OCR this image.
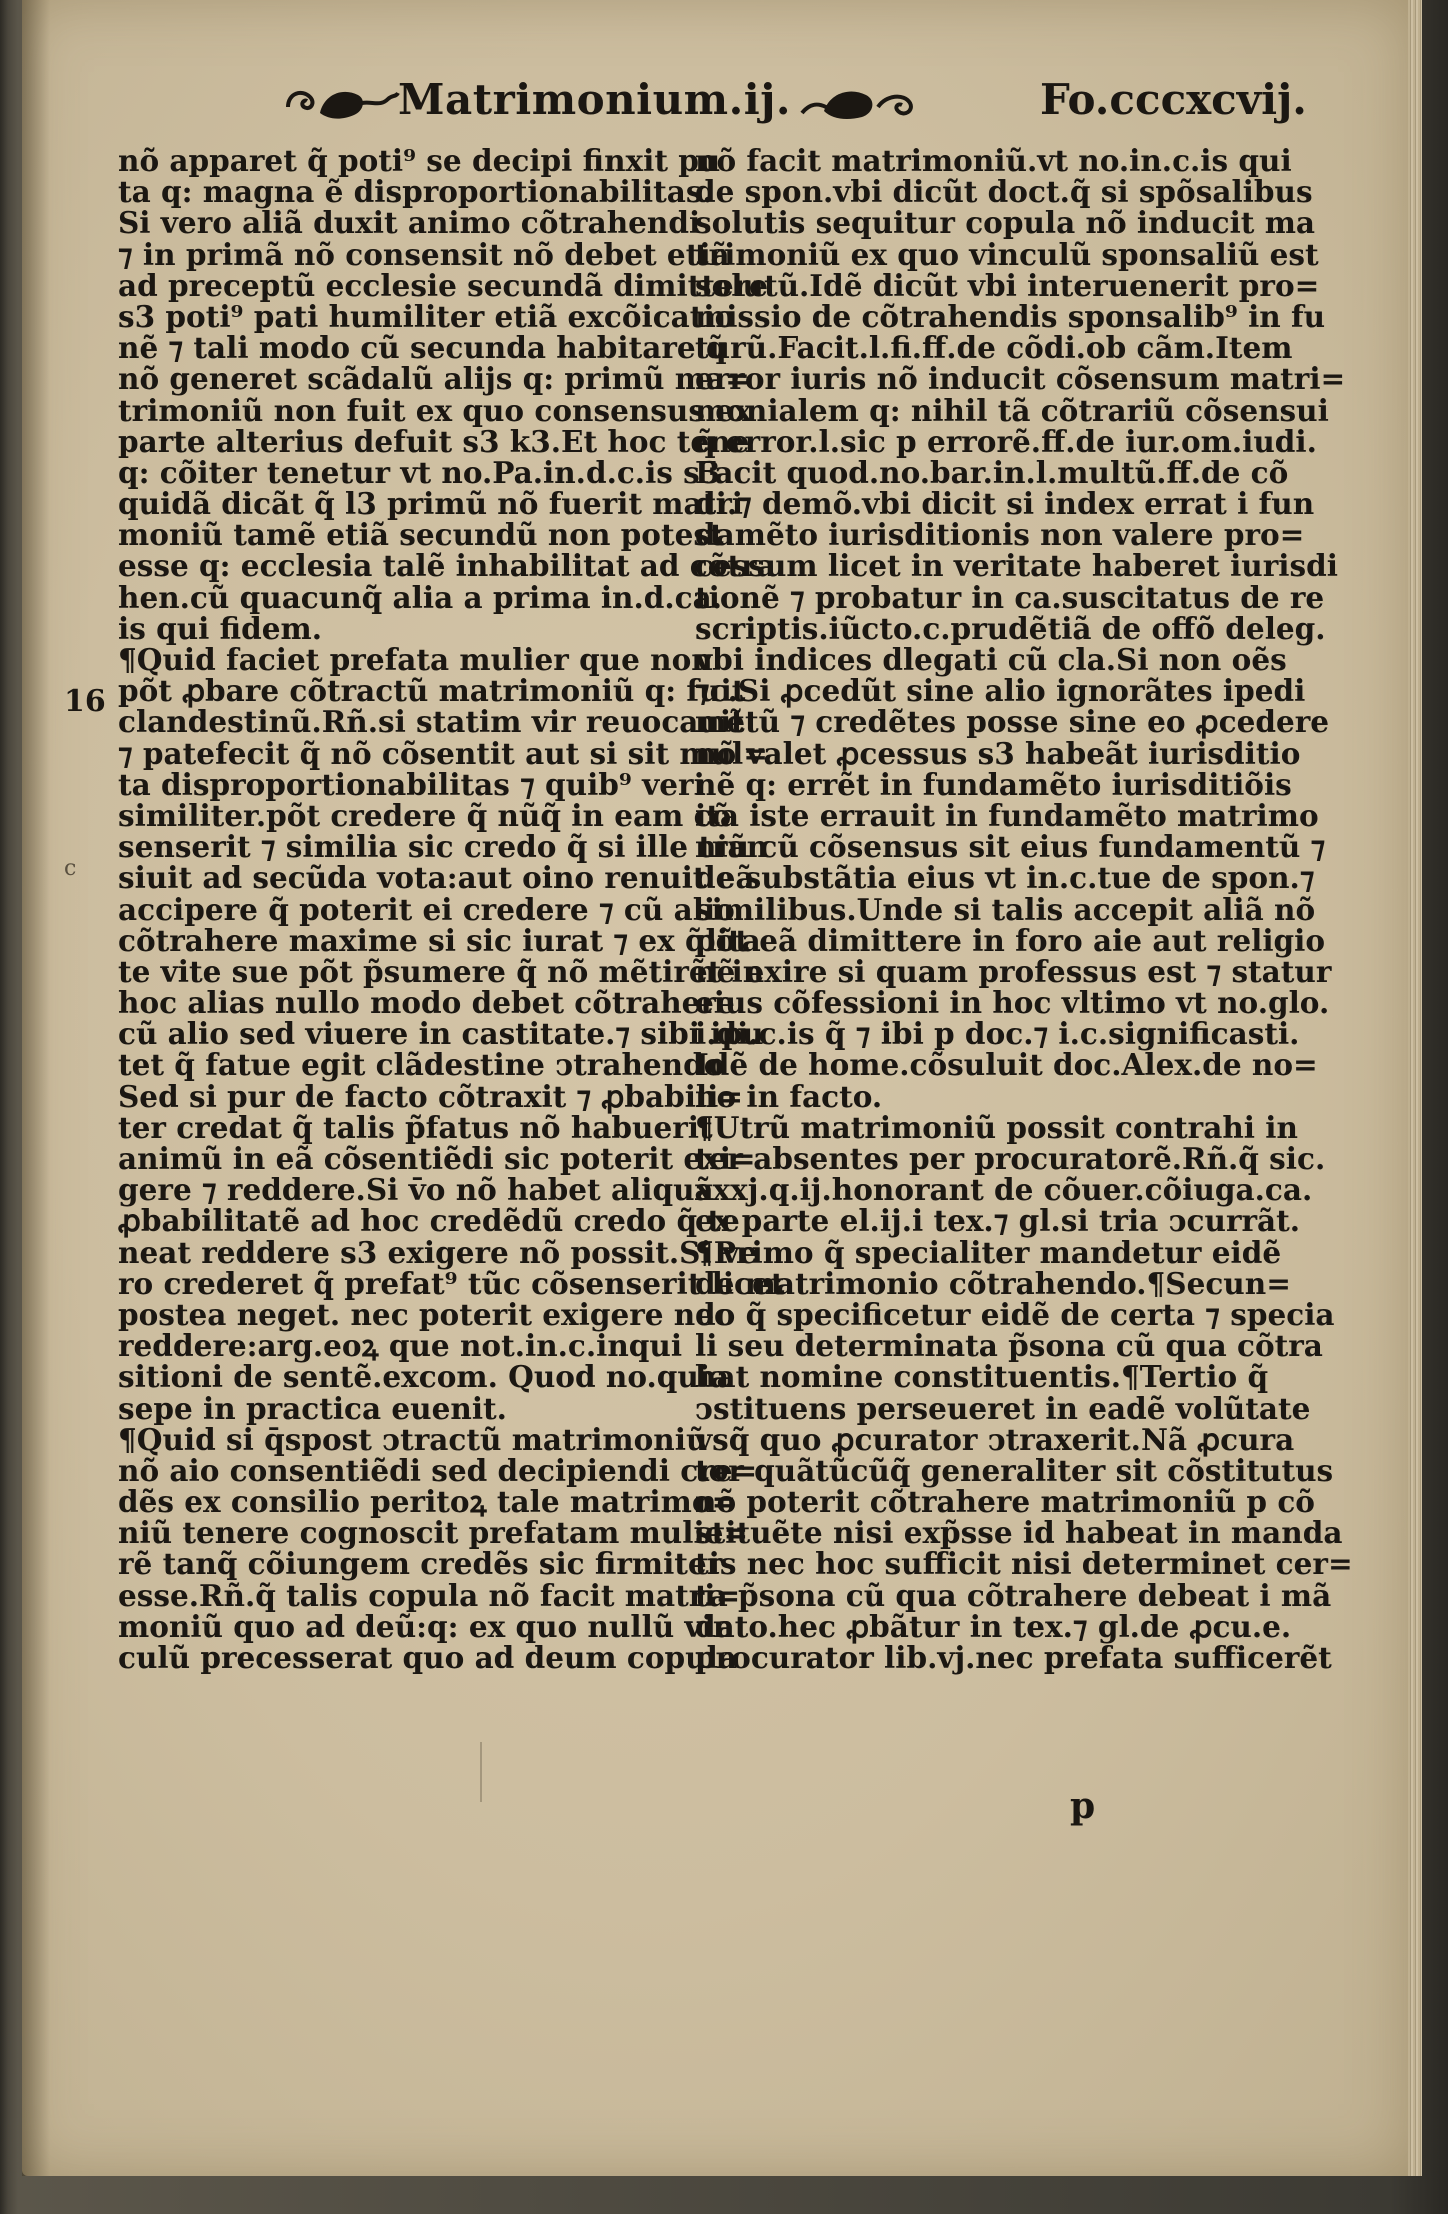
Matrimonium.ij.	Fo.cccxcvij.
16
c
nõ apparet q̃ poti⁹ se decipi finxit pu
ta q: magna ẽ disproportionabilitas.
Si vero aliã duxit animo cõtrahendi
⁊ in primã nõ consensit nõ debet etiã
ad preceptũ ecclesie secundã dimittere
s3 poti⁹ pati humiliter etiã excõicatio
nẽ ⁊ tali modo cũ secunda habitare q̃
nõ generet scãdalũ alijs q: primũ ma=
trimoniũ non fuit ex quo consensus ex
parte alterius defuit s3 k3.Et hoc tene
q: cõiter tenetur vt no.Pa.in.d.c.is s3
quidã dicãt q̃ l3 primũ nõ fuerit matri
moniũ tamẽ etiã secundũ non potest
esse q: ecclesia talẽ inhabilitat ad cõtra
hen.cũ quacunq̃ alia a prima in.d.ca.
is qui fidem.
¶Quid faciet prefata mulier que non
põt ꝓbare cõtractũ matrimoniũ q: fuit
clandestinũ.Rñ.si statim vir reuocauit
⁊ patefecit q̃ nõ cõsentit aut si sit mul=
ta disproportionabilitas ⁊ quib⁹ veri
similiter.põt credere q̃ nũq̃ in eam cõ
senserit ⁊ similia sic credo q̃ si ille tran
siuit ad secũda vota:aut oino renuit eã
accipere q̃ poterit ei credere ⁊ cũ alio
cõtrahere maxime si sic iurat ⁊ ex q̃lita
te vite sue põt p̃sumere q̃ nõ mẽtirẽt in
hoc alias nullo modo debet cõtrahere
cũ alio sed viuere in castitate.⁊ sibi ipu
tet q̃ fatue egit clãdestine ↄtrahendo
Sed si pur de facto cõtraxit ⁊ ꝓbabili=
ter credat q̃ talis p̃fatus nõ habuerit
animũ in eã cõsentiẽdi sic poterit exi=
gere ⁊ reddere.Si v̄o nõ habet aliquã
ꝓbabilitatẽ ad hoc credẽdũ credo q̃ te
neat reddere s3 exigere nõ possit.Si ve
ro crederet q̃ prefat⁹ tũc cõsenserit licet
postea neget. nec poterit exigere nec
reddere:arg.eoꝝ que not.in.c.inqui
sitioni de sentẽ.excom. Quod no.quia
sepe in practica euenit.
¶Quid si q̄spost ↄtractũ matrimoniũ
nõ aio consentiẽdi sed decipiendi cre=
dẽs ex consilio peritoꝝ tale matrimo=
niũ tenere cognoscit prefatam mulie=
rẽ tanq̃ cõiungem credẽs sic firmiter
esse.Rñ.q̃ talis copula nõ facit matri=
moniũ quo ad deũ:q: ex quo nullũ vin
culũ precesserat quo ad deum copula
nõ facit matrimoniũ.vt no.in.c.is qui
de spon.vbi dicũt doct.q̃ si spõsalibus
solutis sequitur copula nõ inducit ma
trimoniũ ex quo vinculũ sponsaliũ est
solutũ.Idẽ dicũt vbi interuenerit pro=
missio de cõtrahendis sponsalib⁹ in fu
turũ.Facit.l.fi.ff.de cõdi.ob cãm.Item
error iuris nõ inducit cõsensum matri=
monialem q: nihil tã cõtrariũ cõsensui
q̃ error.l.sic p errorẽ.ff.de iur.om.iudi.
Facit quod.no.bar.in.l.multũ.ff.de cõ
di.⁊ demõ.vbi dicit si index errat i fun
damẽto iurisditionis non valere pro=
cessum licet in veritate haberet iurisdi
tionẽ ⁊ probatur in ca.suscitatus de re
scriptis.iũcto.c.prudẽtiã de offõ deleg.
vbi indices dlegati cũ cla.Si non oẽs
⁊c.Si ꝓcedũt sine alio ignorãtes ipedi
mẽtũ ⁊ credẽtes posse sine eo ꝓcedere
nõ valet ꝓcessus s3 habeãt iurisditio
nẽ q: errẽt in fundamẽto iurisditiõis
ita iste errauit in fundamẽto matrimo
niũ cũ cõsensus sit eius fundamentũ ⁊
de substãtia eius vt in.c.tue de spon.⁊
similibus.Unde si talis accepit aliã nõ
põt eã dimittere in foro aie aut religio
nẽ exire si quam professus est ⁊ statur
eius cõfessioni in hoc vltimo vt no.glo.
i.di.c.is q̃ ⁊ ibi p doc.⁊ i.c.significasti.
Idẽ de home.cõsuluit doc.Alex.de no=
no in facto.
¶Utrũ matrimoniũ possit contrahi in
ter absentes per procuratorẽ.Rñ.q̃ sic.
xxxj.q.ij.honorant de cõuer.cõiuga.ca.
ex parte el.ij.i tex.⁊ gl.si tria ↄcurrãt.
¶Primo q̃ specialiter mandetur eidẽ
de matrimonio cõtrahendo.¶Secun=
do q̃ specificetur eidẽ de certa ⁊ specia
li seu determinata p̃sona cũ qua cõtra
hat nomine constituentis.¶Tertio q̃
ↄstituens perseueret in eadẽ volũtate
vsq̃ quo ꝓcurator ↄtraxerit.Nã ꝓcura
tor quãtũcũq̃ generaliter sit cõstitutus
nõ poterit cõtrahere matrimoniũ p cõ
stituẽte nisi exp̃sse id habeat in manda
tis nec hoc sufficit nisi determinet cer=
ta p̃sona cũ qua cõtrahere debeat i mã
dato.hec ꝓbãtur in tex.⁊ gl.de ꝓcu.e.
procurator lib.vj.nec prefata sufficerẽt
p
